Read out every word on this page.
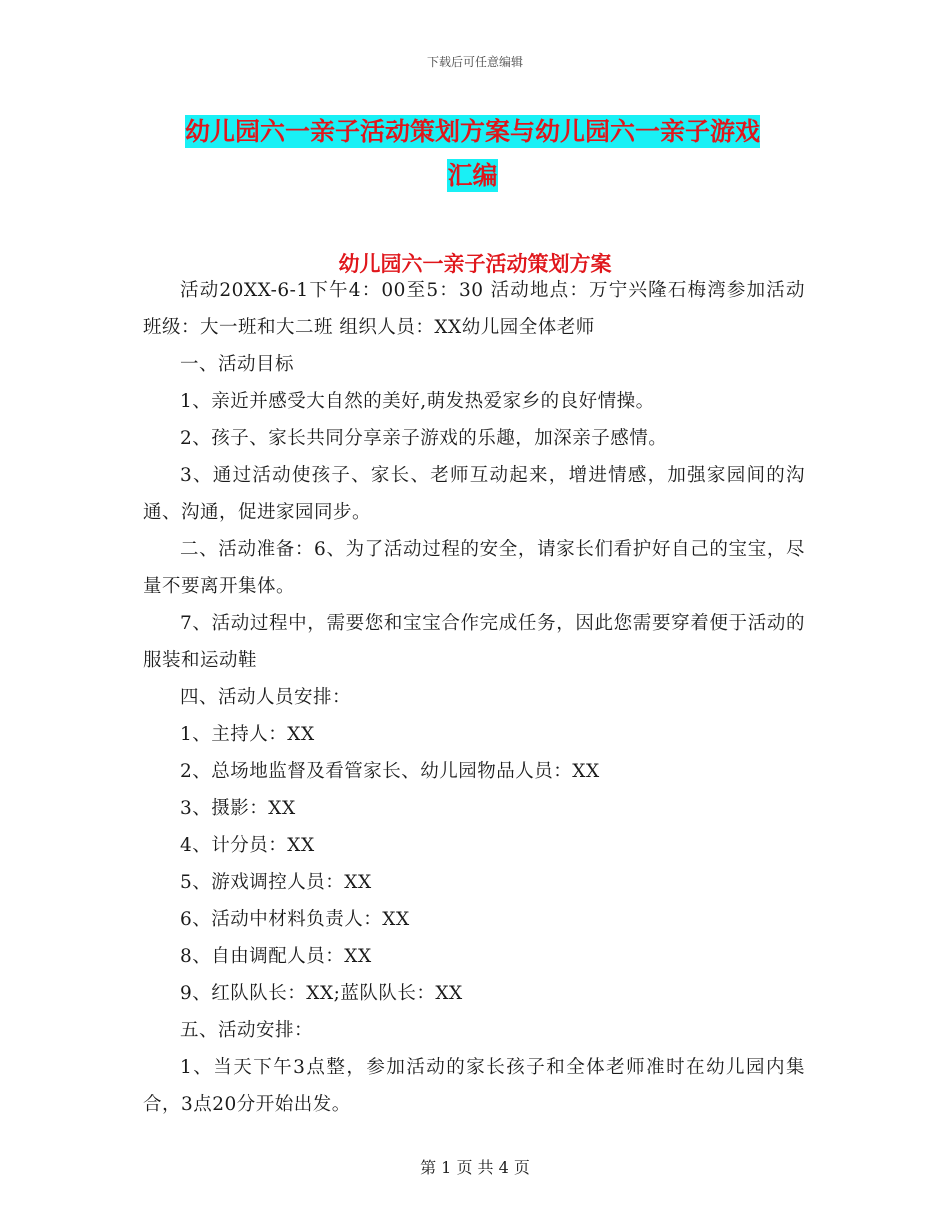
下载后可任意编辑
幼儿园六一亲子活动策划方案与幼儿园六一亲子游戏
汇编
幼儿园六一亲子活动策划方案

活动20XX-6-1下午4：00至5：30 活动地点：万宁兴隆石梅湾参加活动班级：大一班和大二班 组织人员：XX幼儿园全体老师

一、活动目标

1、亲近并感受大自然的美好,萌发热爱家乡的良好情操。

2、孩子、家长共同分享亲子游戏的乐趣，加深亲子感情。

3、通过活动使孩子、家长、老师互动起来，增进情感，加强家园间的沟通、沟通，促进家园同步。

二、活动准备：6、为了活动过程的安全，请家长们看护好自己的宝宝，尽量不要离开集体。

7、活动过程中，需要您和宝宝合作完成任务，因此您需要穿着便于活动的服装和运动鞋

四、活动人员安排：

1、主持人：XX

2、总场地监督及看管家长、幼儿园物品人员：XX

3、摄影：XX

4、计分员：XX

5、游戏调控人员：XX

6、活动中材料负责人：XX

8、自由调配人员：XX

9、红队队长：XX;蓝队队长：XX

五、活动安排：

1、当天下午3点整，参加活动的家长孩子和全体老师准时在幼儿园内集合，3点20分开始出发。

第 1 页 共 4 页
